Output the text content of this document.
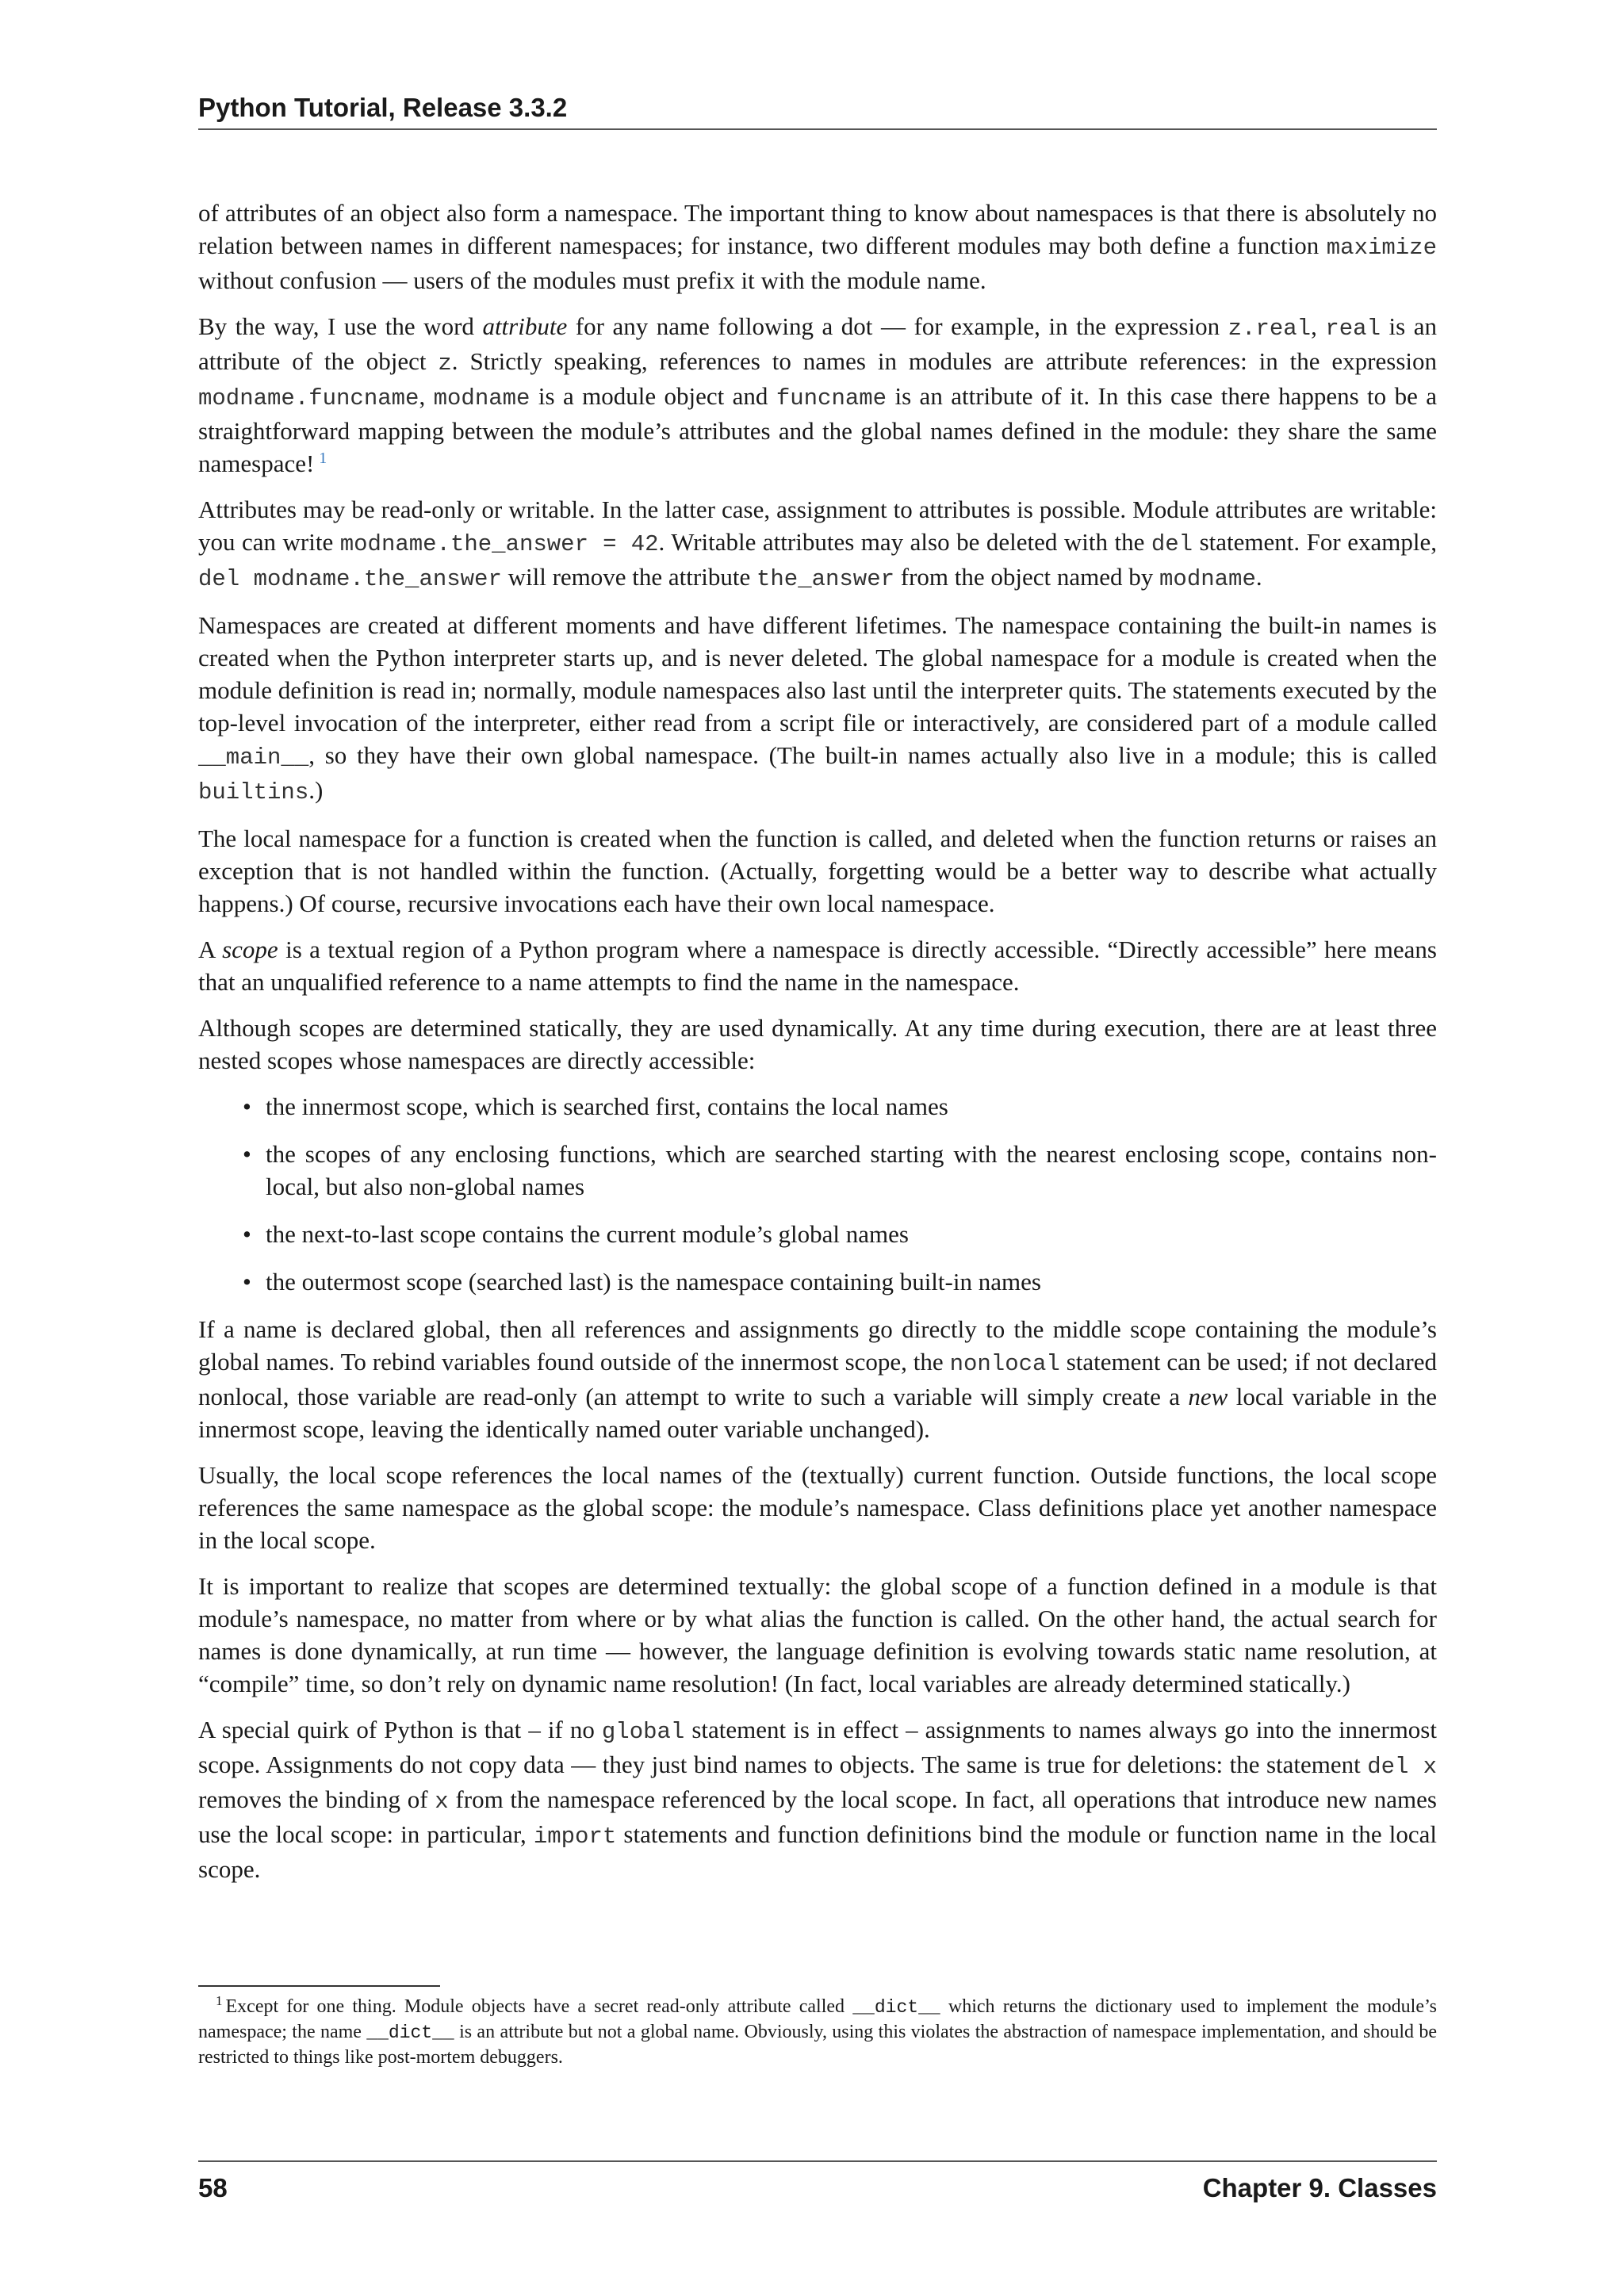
Python Tutorial, Release 3.3.2

of attributes of an object also form a namespace. The important thing to know about namespaces is that there is absolutely no relation between names in different namespaces; for instance, two different modules may both define a function maximize without confusion — users of the modules must prefix it with the module name.

By the way, I use the word attribute for any name following a dot — for example, in the expression z.real, real is an attribute of the object z. Strictly speaking, references to names in modules are attribute references: in the expression modname.funcname, modname is a module object and funcname is an attribute of it. In this case there happens to be a straightforward mapping between the module’s attributes and the global names defined in the module: they share the same namespace! $^1$

Attributes may be read-only or writable. In the latter case, assignment to attributes is possible. Module attributes are writable: you can write modname.the_answer = 42. Writable attributes may also be deleted with the del statement. For example, del modname.the_answer will remove the attribute the_answer from the object named by modname.

Namespaces are created at different moments and have different lifetimes. The namespace containing the built-in names is created when the Python interpreter starts up, and is never deleted. The global namespace for a module is created when the module definition is read in; normally, module namespaces also last until the interpreter quits. The statements executed by the top-level invocation of the interpreter, either read from a script file or interactively, are considered part of a module called __main__, so they have their own global namespace. (The built-in names actually also live in a module; this is called builtins.)

The local namespace for a function is created when the function is called, and deleted when the function returns or raises an exception that is not handled within the function. (Actually, forgetting would be a better way to describe what actually happens.) Of course, recursive invocations each have their own local namespace.

A scope is a textual region of a Python program where a namespace is directly accessible. “Directly accessible” here means that an unqualified reference to a name attempts to find the name in the namespace.

Although scopes are determined statically, they are used dynamically. At any time during execution, there are at least three nested scopes whose namespaces are directly accessible:

• the innermost scope, which is searched first, contains the local names
• the scopes of any enclosing functions, which are searched starting with the nearest enclosing scope, contains non-local, but also non-global names
• the next-to-last scope contains the current module’s global names
• the outermost scope (searched last) is the namespace containing built-in names

If a name is declared global, then all references and assignments go directly to the middle scope containing the module’s global names. To rebind variables found outside of the innermost scope, the nonlocal statement can be used; if not declared nonlocal, those variable are read-only (an attempt to write to such a variable will simply create a new local variable in the innermost scope, leaving the identically named outer variable unchanged).

Usually, the local scope references the local names of the (textually) current function. Outside functions, the local scope references the same namespace as the global scope: the module’s namespace. Class definitions place yet another namespace in the local scope.

It is important to realize that scopes are determined textually: the global scope of a function defined in a module is that module’s namespace, no matter from where or by what alias the function is called. On the other hand, the actual search for names is done dynamically, at run time — however, the language definition is evolving towards static name resolution, at “compile” time, so don’t rely on dynamic name resolution! (In fact, local variables are already determined statically.)

A special quirk of Python is that – if no global statement is in effect – assignments to names always go into the innermost scope. Assignments do not copy data — they just bind names to objects. The same is true for deletions: the statement del x removes the binding of x from the namespace referenced by the local scope. In fact, all operations that introduce new names use the local scope: in particular, import statements and function definitions bind the module or function name in the local scope.

$^1$ Except for one thing. Module objects have a secret read-only attribute called __dict__ which returns the dictionary used to implement the module’s namespace; the name __dict__ is an attribute but not a global name. Obviously, using this violates the abstraction of namespace implementation, and should be restricted to things like post-mortem debuggers.
58	Chapter 9. Classes
